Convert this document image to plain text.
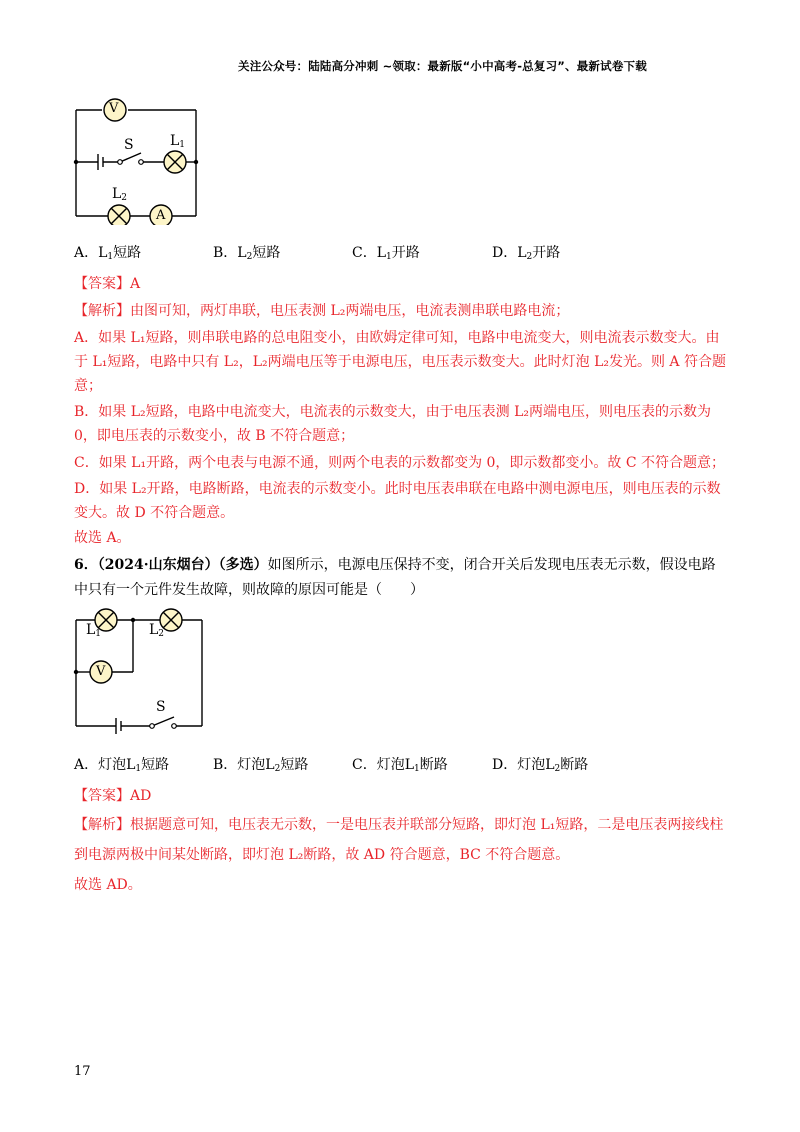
关注公众号：陆陆高分冲刺 ~领取：最新版“小中高考-总复习”、最新试卷下载
V
S	$L_1$
$L_2$
A
A．$L_1$短路	B．$L_2$短路	C．$L_1$开路	D．$L_2$开路
【答案】A
【解析】由图可知，两灯串联，电压表测 L₂两端电压，电流表测串联电路电流；
A．如果 L₁短路，则串联电路的总电阻变小，由欧姆定律可知，电路中电流变大，则电流表示数变大。由
于 L₁短路，电路中只有 L₂，L₂两端电压等于电源电压，电压表示数变大。此时灯泡 L₂发光。则 A 符合题
意；
B．如果 L₂短路，电路中电流变大，电流表的示数变大，由于电压表测 L₂两端电压，则电压表的示数为
0，即电压表的示数变小，故 B 不符合题意；
C．如果 L₁开路，两个电表与电源不通，则两个电表的示数都变为 0，即示数都变小。故 C 不符合题意；
D．如果 L₂开路，电路断路，电流表的示数变小。此时电压表串联在电路中测电源电压，则电压表的示数
变大。故 D 不符合题意。
故选 A。
6．（2024·山东烟台）（多选）如图所示，电源电压保持不变，闭合开关后发现电压表无示数，假设电路
中只有一个元件发生故障，则故障的原因可能是（　　）
$L_1$	$L_2$
V
S
A．灯泡$L_1$短路	B．灯泡$L_2$短路	C．灯泡$L_1$断路	D．灯泡$L_2$断路
【答案】AD
【解析】根据题意可知，电压表无示数，一是电压表并联部分短路，即灯泡 L₁短路，二是电压表两接线柱
到电源两极中间某处断路，即灯泡 L₂断路，故 AD 符合题意，BC 不符合题意。
故选 AD。
17
